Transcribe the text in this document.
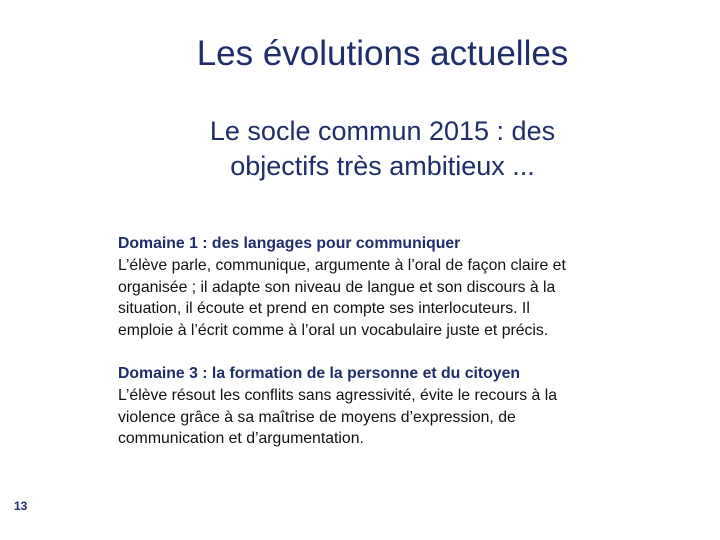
Les évolutions actuelles
Le socle commun 2015 : des
objectifs très ambitieux ...
Domaine 1 : des langages pour communiquer
L’élève parle, communique, argumente à l’oral de façon claire et
organisée ; il adapte son niveau de langue et son discours à la
situation, il écoute et prend en compte ses interlocuteurs. Il
emploie à l’écrit comme à l’oral un vocabulaire juste et précis.
Domaine 3 : la formation de la personne et du citoyen
L’élève résout les conflits sans agressivité, évite le recours à la
violence grâce à sa maîtrise de moyens d’expression, de
communication et d’argumentation.
13
